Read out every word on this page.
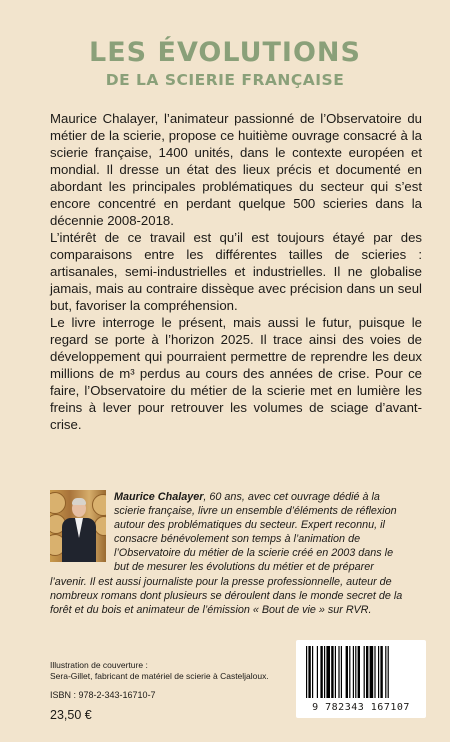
LES ÉVOLUTIONS
DE LA SCIERIE FRANÇAISE

Maurice Chalayer, l’animateur passionné de l’Observatoire du métier de la scierie, propose ce huitième ouvrage consacré à la scierie française, 1400 unités, dans le contexte européen et mondial. Il dresse un état des lieux précis et documenté en abordant les principales problématiques du secteur qui s’est encore concentré en perdant quelque 500 scieries dans la décennie 2008-2018.

L’intérêt de ce travail est qu’il est toujours étayé par des comparaisons entre les différentes tailles de scieries : artisanales, semi-industrielles et industrielles. Il ne globalise jamais, mais au contraire dissèque avec précision dans un seul but, favoriser la compréhension.

Le livre interroge le présent, mais aussi le futur, puisque le regard se porte à l’horizon 2025. Il trace ainsi des voies de développement qui pourraient permettre de reprendre les deux millions de m³ perdus au cours des années de crise. Pour ce faire, l’Observatoire du métier de la scierie met en lumière les freins à lever pour retrouver les volumes de sciage d’avant-crise.

Maurice Chalayer, 60 ans, avec cet ouvrage dédié à la scierie française, livre un ensemble d’éléments de réflexion autour des problématiques du secteur. Expert reconnu, il consacre bénévolement son temps à l’animation de l’Observatoire du métier de la scierie créé en 2003 dans le but de mesurer les évolutions du métier et de préparer l’avenir. Il est aussi journaliste pour la presse professionnelle, auteur de nombreux romans dont plusieurs se déroulent dans le monde secret de la forêt et du bois et animateur de l’émission « Bout de vie » sur RVR.
Illustration de couverture :
Sera-Gillet, fabricant de matériel de scierie à Casteljaloux.
ISBN : 978-2-343-16710-7
23,50 €
9 782343 167107
